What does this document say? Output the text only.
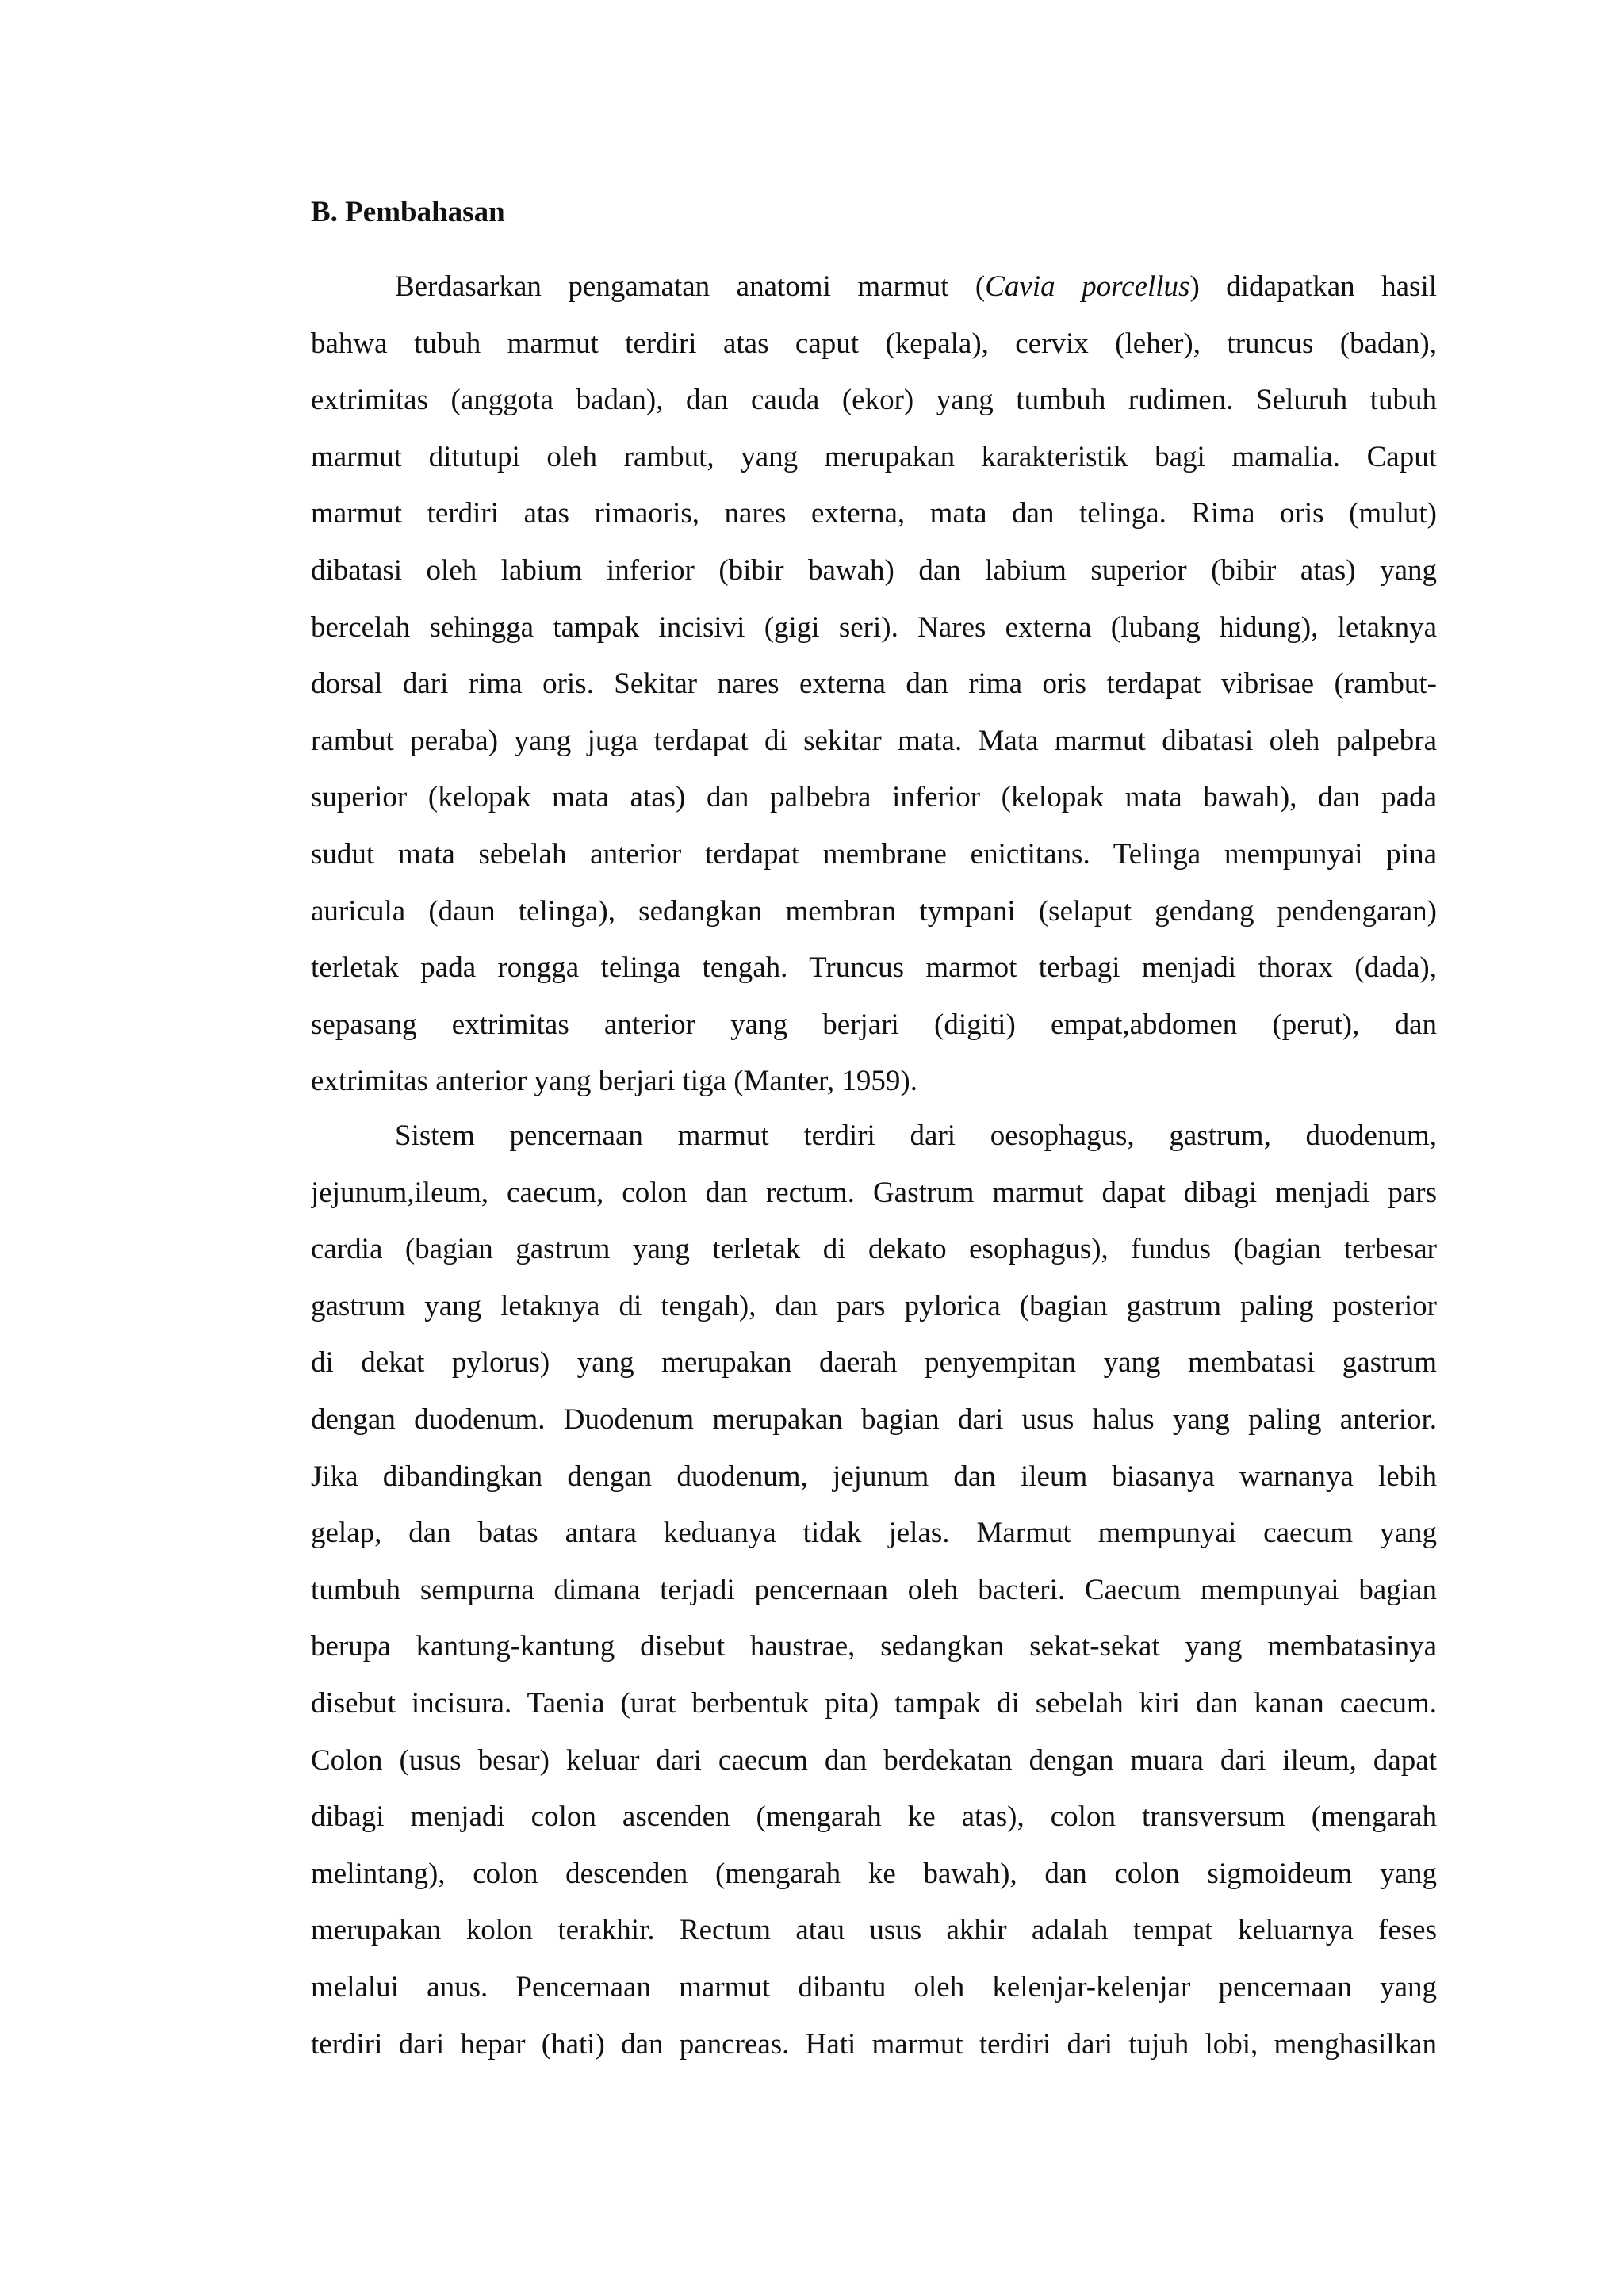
B. Pembahasan
Berdasarkan pengamatan anatomi marmut (Cavia porcellus) didapatkan hasil
bahwa tubuh marmut terdiri atas caput (kepala), cervix (leher), truncus (badan),
extrimitas (anggota badan), dan cauda (ekor) yang tumbuh rudimen. Seluruh tubuh
marmut ditutupi oleh rambut, yang merupakan karakteristik bagi mamalia. Caput
marmut terdiri atas rimaoris, nares externa, mata dan telinga. Rima oris (mulut)
dibatasi oleh labium inferior (bibir bawah) dan labium superior (bibir atas) yang
bercelah sehingga tampak incisivi (gigi seri). Nares externa (lubang hidung), letaknya
dorsal dari rima oris. Sekitar nares externa dan rima oris terdapat vibrisae (rambut-
rambut peraba) yang juga terdapat di sekitar mata. Mata marmut dibatasi oleh palpebra
superior (kelopak mata atas) dan palbebra inferior (kelopak mata bawah), dan pada
sudut mata sebelah anterior terdapat membrane enictitans. Telinga mempunyai pina
auricula (daun telinga), sedangkan membran tympani (selaput gendang pendengaran)
terletak pada rongga telinga tengah. Truncus marmot terbagi menjadi thorax (dada),
sepasang extrimitas anterior yang berjari (digiti) empat,abdomen (perut), dan
extrimitas anterior yang berjari tiga (Manter, 1959).
Sistem pencernaan marmut terdiri dari oesophagus, gastrum, duodenum,
jejunum,ileum, caecum, colon dan rectum. Gastrum marmut dapat dibagi menjadi pars
cardia (bagian gastrum yang terletak di dekato esophagus), fundus (bagian terbesar
gastrum yang letaknya di tengah), dan pars pylorica (bagian gastrum paling posterior
di dekat pylorus) yang merupakan daerah penyempitan yang membatasi gastrum
dengan duodenum. Duodenum merupakan bagian dari usus halus yang paling anterior.
Jika dibandingkan dengan duodenum, jejunum dan ileum biasanya warnanya lebih
gelap, dan batas antara keduanya tidak jelas. Marmut mempunyai caecum yang
tumbuh sempurna dimana terjadi pencernaan oleh bacteri. Caecum mempunyai bagian
berupa kantung-kantung disebut haustrae, sedangkan sekat-sekat yang membatasinya
disebut incisura. Taenia (urat berbentuk pita) tampak di sebelah kiri dan kanan caecum.
Colon (usus besar) keluar dari caecum dan berdekatan dengan muara dari ileum, dapat
dibagi menjadi colon ascenden (mengarah ke atas), colon transversum (mengarah
melintang), colon descenden (mengarah ke bawah), dan colon sigmoideum yang
merupakan kolon terakhir. Rectum atau usus akhir adalah tempat keluarnya feses
melalui anus. Pencernaan marmut dibantu oleh kelenjar-kelenjar pencernaan yang
terdiri dari hepar (hati) dan pancreas. Hati marmut terdiri dari tujuh lobi, menghasilkan
